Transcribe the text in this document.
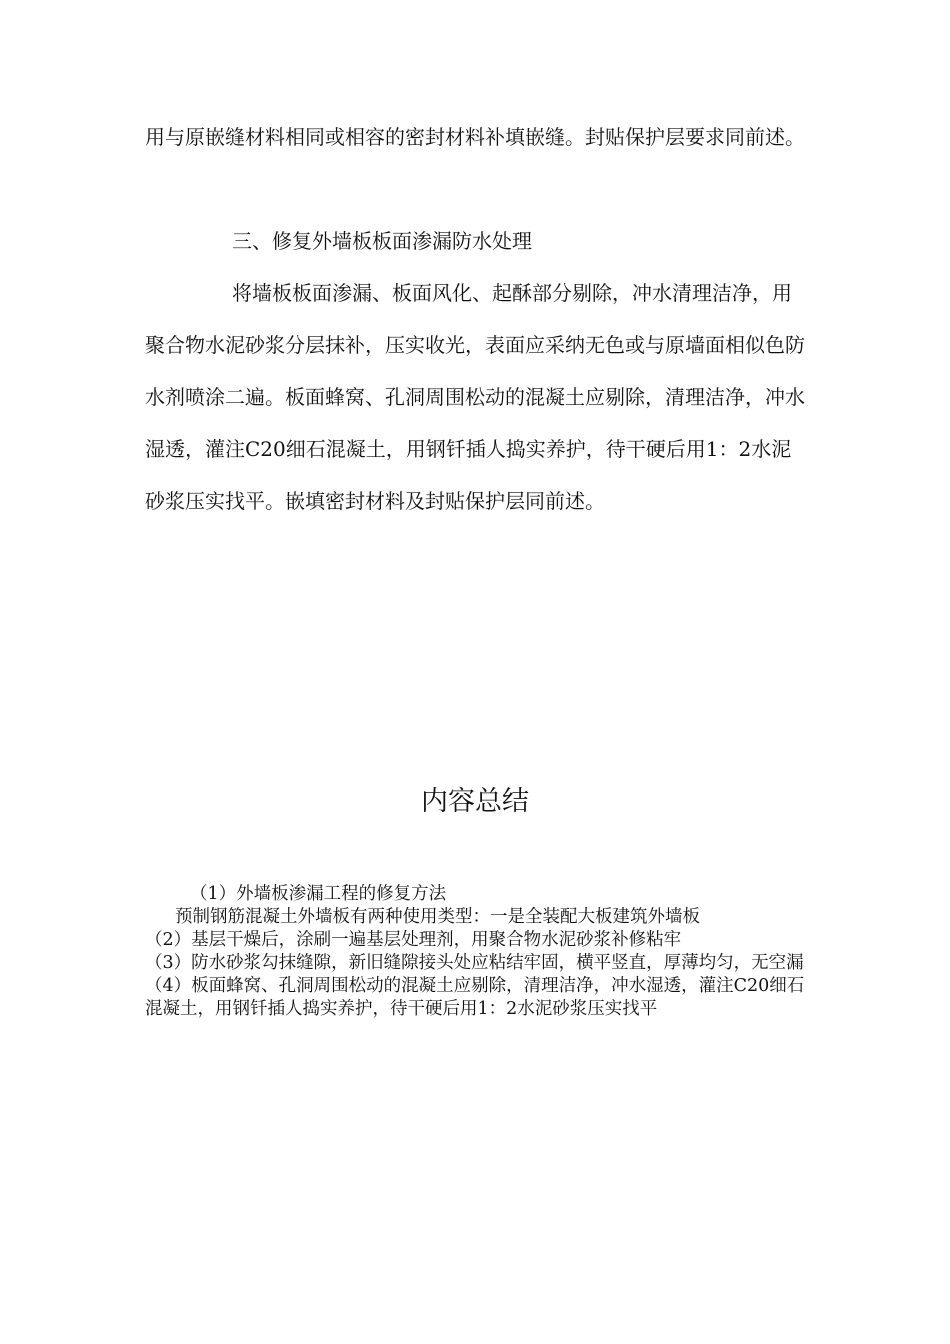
用与原嵌缝材料相同或相容的密封材料补填嵌缝。封贴保护层要求同前述。

三、修复外墙板板面渗漏防水处理

将墙板板面渗漏、板面风化、起酥部分剔除，冲水清理洁净，用聚合物水泥砂浆分层抹补，压实收光，表面应采纳无色或与原墙面相似色防水剂喷涂二遍。板面蜂窝、孔洞周围松动的混凝土应剔除，清理洁净，冲水湿透，灌注C20细石混凝土，用钢钎插人捣实养护，待干硬后用1：2水泥砂浆压实找平。嵌填密封材料及封贴保护层同前述。

内容总结

（1）外墙板渗漏工程的修复方法

预制钢筋混凝土外墙板有两种使用类型：一是全装配大板建筑外墙板

（2）基层干燥后，涂刷一遍基层处理剂，用聚合物水泥砂浆补修粘牢

（3）防水砂浆勾抹缝隙，新旧缝隙接头处应粘结牢固，横平竖直，厚薄均匀，无空漏

（4）板面蜂窝、孔洞周围松动的混凝土应剔除，清理洁净，冲水湿透，灌注C20细石混凝土，用钢钎插人捣实养护，待干硬后用1：2水泥砂浆压实找平
